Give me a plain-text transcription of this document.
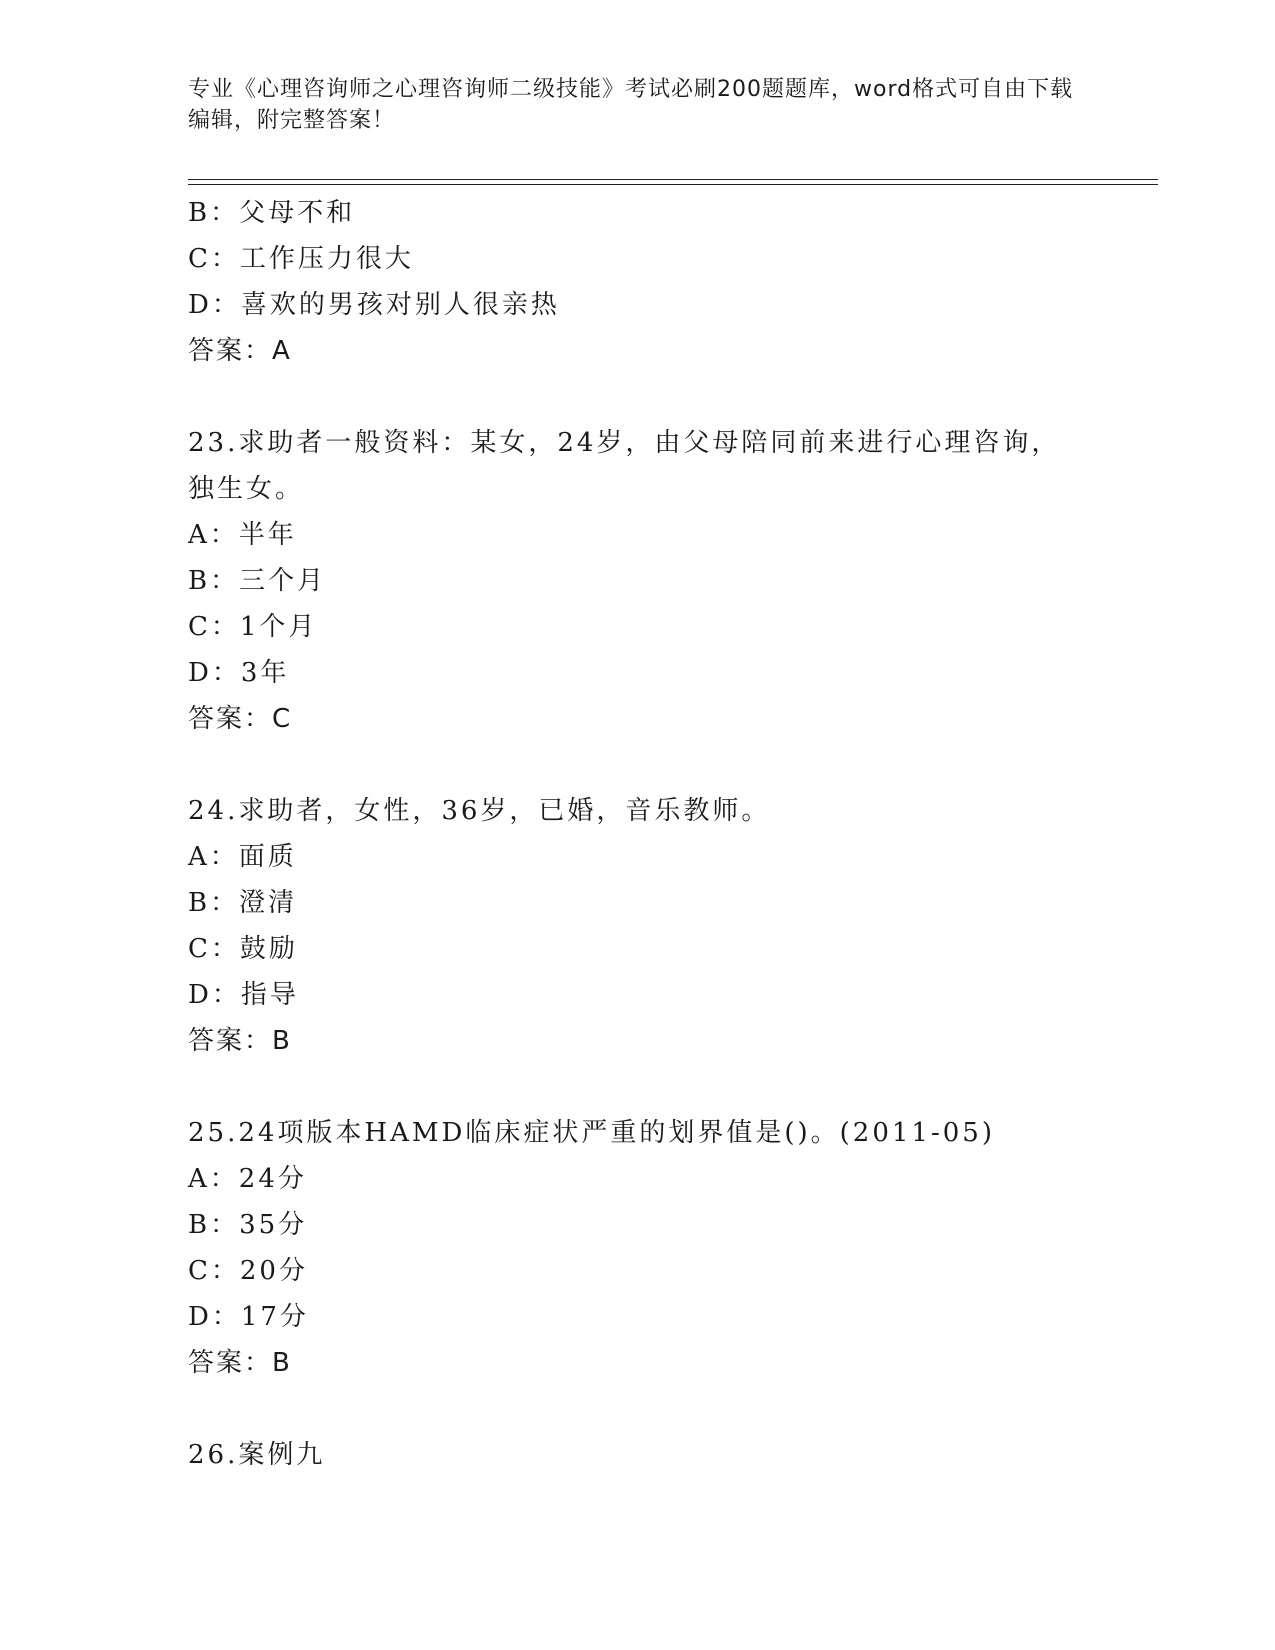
专业《心理咨询师之心理咨询师二级技能》考试必刷200题题库，word格式可自由下载编辑，附完整答案！
B：父母不和
C：工作压力很大
D：喜欢的男孩对别人很亲热
答案：A
23.求助者一般资料：某女，24岁，由父母陪同前来进行心理咨询，独生女。
A：半年
B：三个月
C：1个月
D：3年
答案：C
24.求助者，女性，36岁，已婚，音乐教师。
A：面质
B：澄清
C：鼓励
D：指导
答案：B
25.24项版本HAMD临床症状严重的划界值是()。(2011-05)
A：24分
B：35分
C：20分
D：17分
答案：B
26.案例九
